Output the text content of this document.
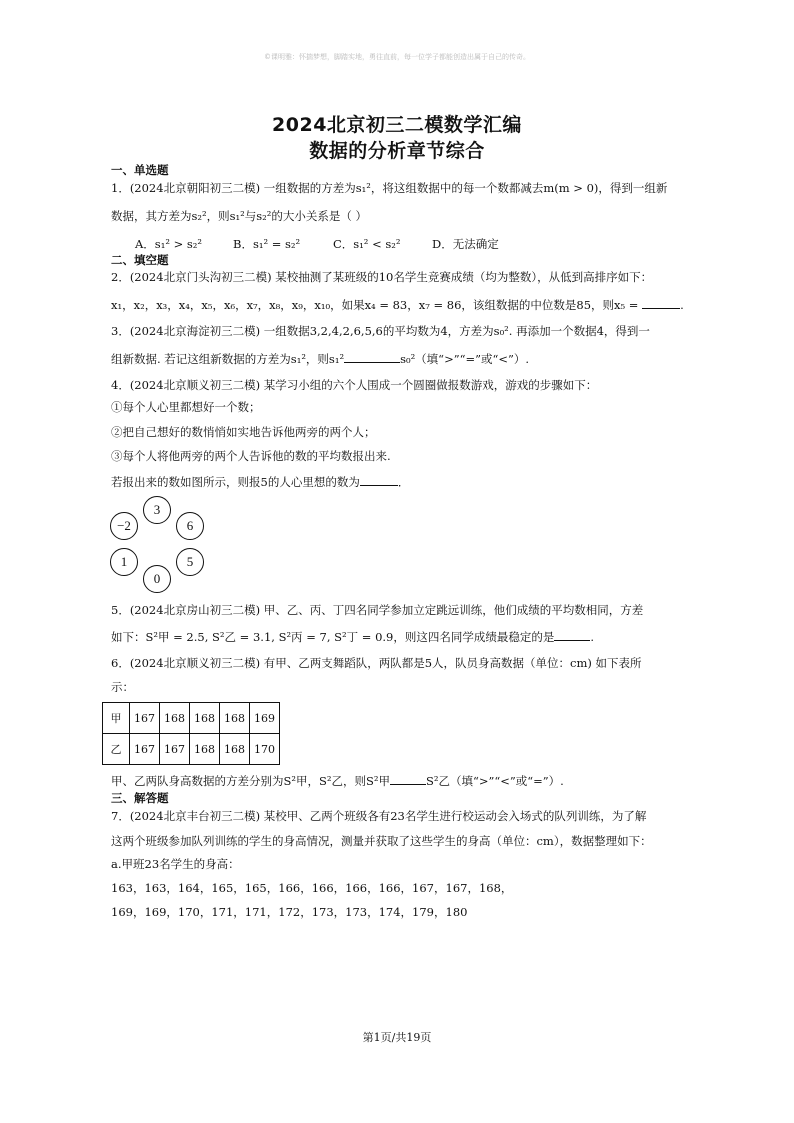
©课明雅：怀揣梦想，脚踏实地，勇往直前，每一位学子都能创造出属于自己的传奇。
2024北京初三二模数学汇编
数据的分析章节综合
一、单选题
1．(2024北京朝阳初三二模) 一组数据的方差为s₁²，将这组数据中的每一个数都减去m(m > 0)，得到一组新
数据，其方差为s₂²，则s₁²与s₂²的大小关系是（ ）
A．s₁² > s₂²	B．s₁² = s₂²	C．s₁² < s₂²	D．无法确定
二、填空题
2．(2024北京门头沟初三二模) 某校抽测了某班级的10名学生竞赛成绩（均为整数），从低到高排序如下：
x₁，x₂，x₃，x₄，x₅，x₆，x₇，x₈，x₉，x₁₀，如果x₄ = 83，x₇ = 86，该组数据的中位数是85，则x₅ =	.
3．(2024北京海淀初三二模) 一组数据3,2,4,2,6,5,6的平均数为4，方差为s₀². 再添加一个数据4，得到一
组新数据. 若记这组新数据的方差为s₁²，则s₁²	s₀²（填“>”“=”或“<”）.
4．(2024北京顺义初三二模) 某学习小组的六个人围成一个圆圈做报数游戏，游戏的步骤如下：
①每个人心里都想好一个数；
②把自己想好的数悄悄如实地告诉他两旁的两个人；
③每个人将他两旁的两个人告诉他的数的平均数报出来.
若报出来的数如图所示，则报5的人心里想的数为	．
3
−2	6
1	5
0
5．(2024北京房山初三二模) 甲、乙、丙、丁四名同学参加立定跳远训练，他们成绩的平均数相同，方差
如下：S²甲 = 2.5, S²乙 = 3.1, S²丙 = 7, S²丁 = 0.9，则这四名同学成绩最稳定的是	.
6．(2024北京顺义初三二模) 有甲、乙两支舞蹈队，两队都是5人，队员身高数据（单位：cm) 如下表所
示：
甲	167	168	168	168	169
乙	167	167	168	168	170
甲、乙两队身高数据的方差分别为S²甲，S²乙，则S²甲	S²乙（填“>”“<”或“=”）.
三、解答题
7．(2024北京丰台初三二模) 某校甲、乙两个班级各有23名学生进行校运动会入场式的队列训练，为了解
这两个班级参加队列训练的学生的身高情况，测量并获取了这些学生的身高（单位：cm），数据整理如下：
a.甲班23名学生的身高：
163，163，164，165，165，166，166，166，166，167，167，168，
169，169，170，171，171，172，173，173，174，179，180
第1页/共19页
